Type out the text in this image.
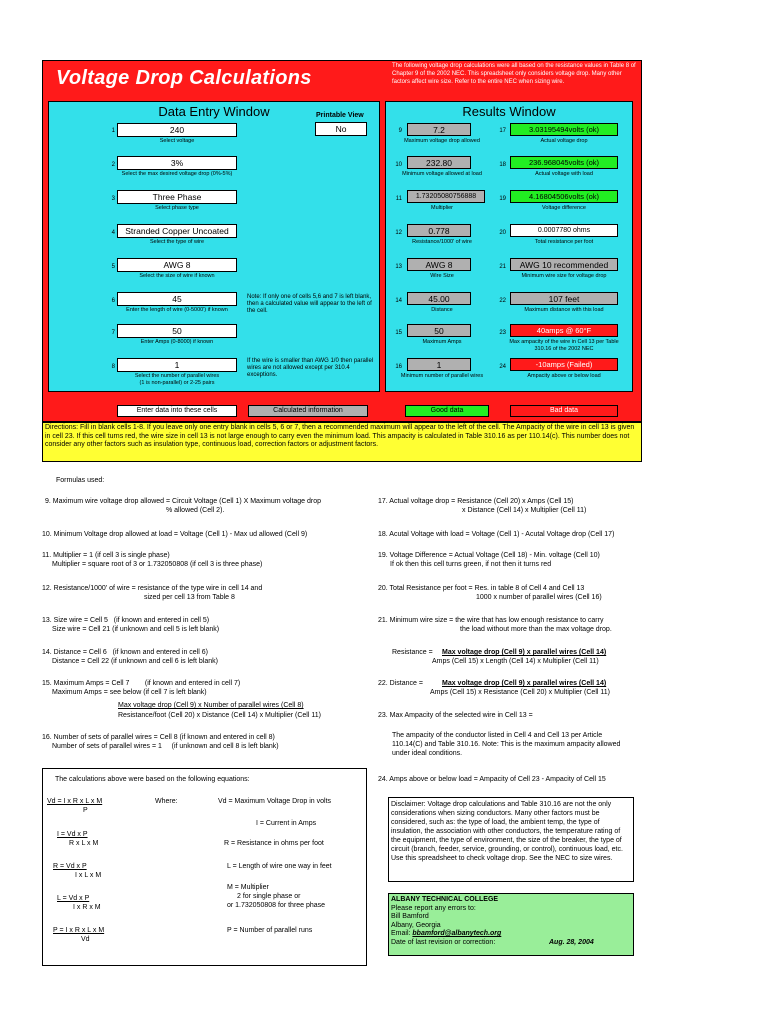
Voltage Drop Calculations
The following voltage drop calculations were all based on the resistance values in Table 8 of Chapter 9 of the 2002 NEC. This spreadsheet only considers voltage drop. Many other factors affect wire size. Refer to the entire NEC when sizing wire.
Data Entry Window	Printable View
No
1	240
Select voltage
2	3%
Select the max desired voltage drop (0%-5%)
3	Three Phase
Select phase type
4	Stranded Copper Uncoated
Select the type of wire
5	AWG 8
Select the size of wire if known
6	45
Enter the length of wire (0-5000') if known
Note: If only one of cells 5,6 and 7 is left blank, then a calculated value will appear to the left of the cell.
7	50
Enter Amps (0-8000) if known
8	1
Select the number of parallel wires
(1 is non-parallel) or 2-25 pairs
If the wire is smaller than AWG 1/0 then parallel wires are not allowed except per 310.4 exceptions.
Results Window
9	7.2
Maximum voltage drop allowed
17	3.03195494volts (ok)
Actual voltage drop
10	232.80
Minimum voltage allowed at load
18	236.968045volts (ok)
Actual voltage with load
11	1.73205080756888
Multiplier
19	4.16804506volts (ok)
Voltage difference
12	0.778
Resistance/1000' of wire
20	0.0007780 ohms
Total resistance per foot
13	AWG 8
Wire Size
21	AWG 10 recommended
Minimum wire size for voltage drop
14	45.00
Distance
22	107 feet
Maximum distance with this load
15	50
Maximum Amps
23	40amps @ 60°F
Max ampacity of the wire in Cell 13 per Table
310.16 of the 2002 NEC
16	1
Minimum number of parallel wires
24	-10amps (Failed)
Ampacity above or below load
Enter data into these cells	Calculated information	Good data	Bad data
Directions: Fill in blank cells 1-8. If you leave only one entry blank in cells 5, 6 or 7, then a recommended maximum will appear to the left of the cell. The Ampacity of the wire in cell 13 is given in cell 23. If this cell turns red, the wire size in cell 13 is not large enough to carry even the minimum load. This ampacity is calculated in Table 310.16 as per 110.14(c). This number does not consider any other factors such as insulation type, continuous load, correction factors or adjustment factors.
Formulas used:
9. Maximum wire voltage drop allowed = Circuit Voltage (Cell 1) X Maximum voltage drop
% allowed (Cell 2).
10. Minimum Voltage drop allowed at load = Voltage (Cell 1) - Max ud allowed (Cell 9)
11. Multiplier = 1 (if cell 3 is single phase)
Multiplier = square root of 3 or 1.732050808 (if cell 3 is three phase)
12. Resistance/1000' of wire = resistance of the type wire in cell 14 and
sized per cell 13 from Table 8
13. Size wire = Cell 5   (if known and entered in cell 5)
Size wire = Cell 21 (if unknown and cell 5 is left blank)
14. Distance = Cell 6   (if known and entered in cell 6)
Distance = Cell 22 (if unknown and cell 6 is left blank)
15. Maximum Amps = Cell 7        (if known and entered in cell 7)
Maximum Amps = see below (if cell 7 is left blank)
Max voltage drop (Cell 9) x Number of parallel wires (Cell 8)
Resistance/foot (Cell 20) x Distance (Cell 14) x Multiplier (Cell 11)
16. Number of sets of parallel wires = Cell 8 (if known and entered in cell 8)
Number of sets of parallel wires = 1     (if unknown and cell 8 is left blank)
17. Actual voltage drop = Resistance (Cell 20) x Amps (Cell 15)
x Distance (Cell 14) x Multiplier (Cell 11)
18. Acutal Voltage with load = Voltage (Cell 1) - Acutal Voltage drop (Cell 17)
19. Voltage Difference = Actual Voltage (Cell 18) - Min. voltage (Cell 10)
If ok then this cell turns green, if not then it turns red
20. Total Resistance per foot = Res. in table 8 of Cell 4 and Cell 13
1000 x number of parallel wires (Cell 16)
21. Minimum wire size = the wire that has low enough resistance to carry
the load without more than the max voltage drop.
Resistance = Max voltage drop (Cell 9) x parallel wires (Cell 14)
Amps (Cell 15) x Length (Cell 14) x Multiplier (Cell 11)
22. Distance =	Max voltage drop (Cell 9) x parallel wires (Cell 14)
Amps (Cell 15) x Resistance (Cell 20) x Multiplier (Cell 11)
23. Max Ampacity of the selected wire in Cell 13 =
The ampacity of the conductor listed in Cell 4 and Cell 13 per Article 110.14(C) and Table 310.16. Note: This is the maximum ampacity allowed under ideal conditions.
24. Amps above or below load = Ampacity of Cell 23 - Ampacity of Cell 15
The calculations above were based on the following equations:
Vd = I x R x L x M
P
Where:	Vd = Maximum Voltage Drop in volts
I = Current in Amps
I = Vd x P
R x L x M	R = Resistance in ohms per foot
R = Vd x P
I x L x M
L = Length of wire one way in feet
M = Multiplier
2 for single phase or
or 1.732050808 for three phase
L = Vd x P
I x R x M
P = I x R x L x M
Vd
P = Number of parallel runs
Disclaimer: Voltage drop calculations and Table 310.16 are not the only considerations when sizing conductors. Many other factors must be considered, such as: the type of load, the ambient temp, the type of insulation, the association with other conductors, the temperature rating of the equipment, the type of environment, the size of the breaker, the type of circuit (branch, feeder, service, grounding, or control), continuous load, etc. Use this spreadsheet to check voltage drop. See the NEC to size wires.
ALBANY TECHNICAL COLLEGE
Please report any errors to:
Bill Bamford
Albany, Georgia
Email: bbamford@albanytech.org
Date of last revision or correction:	Aug. 28, 2004
